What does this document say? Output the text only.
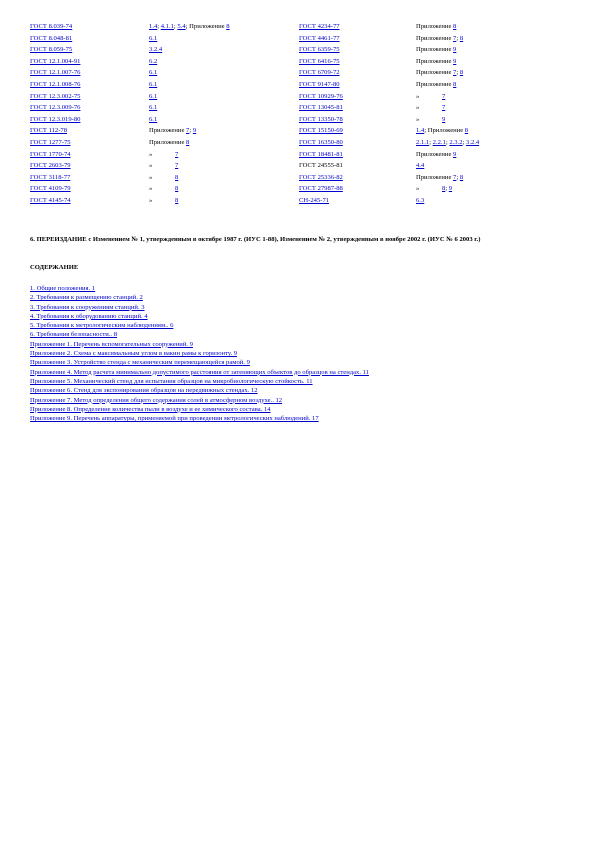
ГОСТ 8.039-74	1.4; 4.1.1; 5.4; Приложение 8	ГОСТ 4234-77	Приложение 8
ГОСТ 8.048-81	6.1	ГОСТ 4461-77	Приложение 7; 8
ГОСТ 8.059-75	3.2.4	ГОСТ 6359-75	Приложение 9
ГОСТ 12.1.004-91	6.2	ГОСТ 6416-75	Приложение 9
ГОСТ 12.1.007-76	6.1	ГОСТ 6709-72	Приложение 7; 8
ГОСТ 12.1.008-76	6.1	ГОСТ 9147-80	Приложение 8
ГОСТ 12.3.002-75	6.1	ГОСТ 10929-76	» 7
ГОСТ 12.3.009-76	6.1	ГОСТ 13045-81	» 7
ГОСТ 12.3.019-80	6.1	ГОСТ 13350-78	» 9
ГОСТ 112-78	Приложение 7; 9	ГОСТ 15150-69	1.4; Приложение 8
ГОСТ 1277-75	Приложение 8	ГОСТ 16350-80	2.1.1; 2.2.1; 2.3.2; 3.2.4
ГОСТ 1770-74	» 7	ГОСТ 18481-81	Приложение 9
ГОСТ 2603-79	» 7	ГОСТ 24555-81	4.4
ГОСТ 3118-77	» 8	ГОСТ 25336-82	Приложение 7; 8
ГОСТ 4109-79	» 8	ГОСТ 27987-88	» 8; 9
ГОСТ 4145-74	» 8	СН-245-71	6.3
6. ПЕРЕИЗДАНИЕ с Изменением № 1, утвержденным в октябре 1987 г. (ИУС 1-88), Изменением № 2, утвержденным в ноябре 2002 г. (ИУС № 6 2003 г.)
СОДЕРЖАНИЕ
1. Общие положения. 1
2. Требования к размещению станций. 2
3. Требования к сооружениям станций. 3
4. Требования к оборудованию станций. 4
5. Требования к метрологическим наблюдениям.. 6
6. Требования безопасности.. 8
Приложение 1. Перечень вспомогательных сооружений. 9
Приложение 2. Схема с максимальным углом в вакин рамы к горизонту. 9
Приложение 3. Устройство стенда с механическим перемещающейся рамой. 9
Приложение 4. Метод расчета минимально допустимого расстояния от затеняющих объектов до образцов на стендах. 11
Приложение 5. Механический стенд для испытания образцов на микробиологическую стойкость. 11
Приложение 6. Стенд для экспонирования образцов на передвижных стендах. 12
Приложение 7. Метод определения общего содержания солей в атмосферном воздухе.. 12
Приложение 8. Определение количества пыли в воздухе и ее химического состава. 14
Приложение 9. Перечень аппаратуры, применяемой при проведении метрологических наблюдений. 17
